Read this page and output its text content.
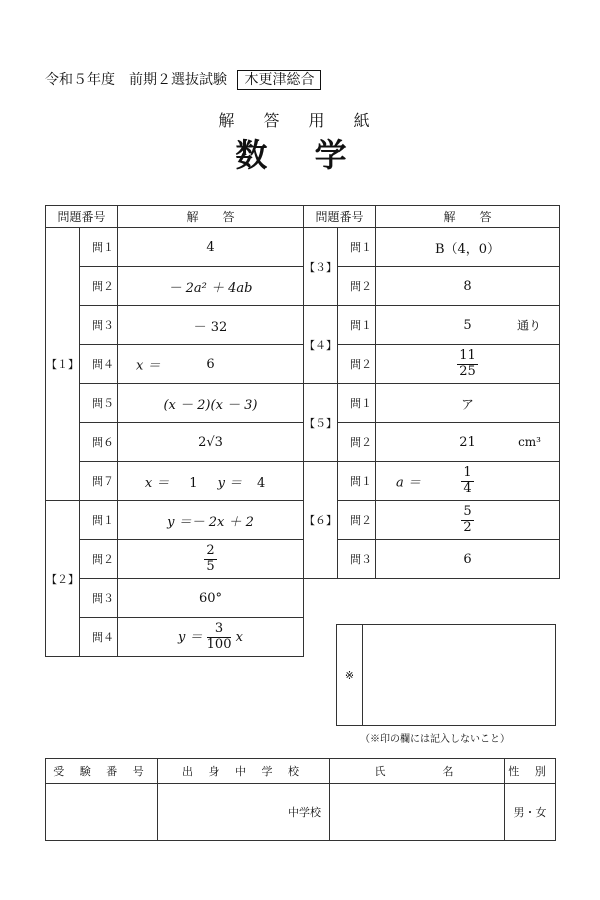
令和５年度　前期２選抜試験 木更津総合
解 答 用 紙
数 学
問題番号		解　　答
【１】	問１	4
	問２	－ 2a² ＋ 4ab
	問３	－ 32
	問４	x ＝ 6
	問５	(x － 2)(x － 3)
	問６	2√3
	問７	x ＝ 1 y ＝ 4
【２】	問１	y ＝－ 2x ＋ 2
	問２	$\frac{2}{5}$

	問３	60°
	問４	$y = \frac{3}{100}$ x
問題番号		解　　答
【３】	問１	B（4，0）
	問２	8
【４】	問１	5 通り

	問２	$\frac{11}{25}$

【５】	問１	ア
	問２	21 cm³

【６】	問１	$a = \frac{1}{4}$

	問２	$\frac{5}{2}$

	問３	6
※	
（※印の欄には記入しないこと）
受 験 番 号	出 身 中 学 校	氏　　　名	性 別
	中学校		男・女
